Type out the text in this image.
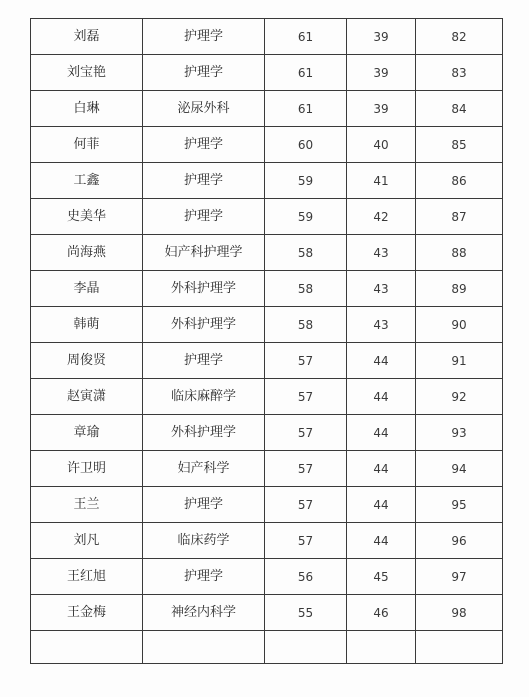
刘磊	护理学	61	39	82
刘宝艳	护理学	61	39	83
白琳	泌尿外科	61	39	84
何菲	护理学	60	40	85
工鑫	护理学	59	41	86
史美华	护理学	59	42	87
尚海燕	妇产科护理学	58	43	88
李晶	外科护理学	58	43	89
韩萌	外科护理学	58	43	90
周俊贤	护理学	57	44	91
赵寅潇	临床麻醉学	57	44	92
章瑜	外科护理学	57	44	93
许卫明	妇产科学	57	44	94
王兰	护理学	57	44	95
刘凡	临床药学	57	44	96
王红旭	护理学	56	45	97
王金梅	神经内科学	55	46	98
